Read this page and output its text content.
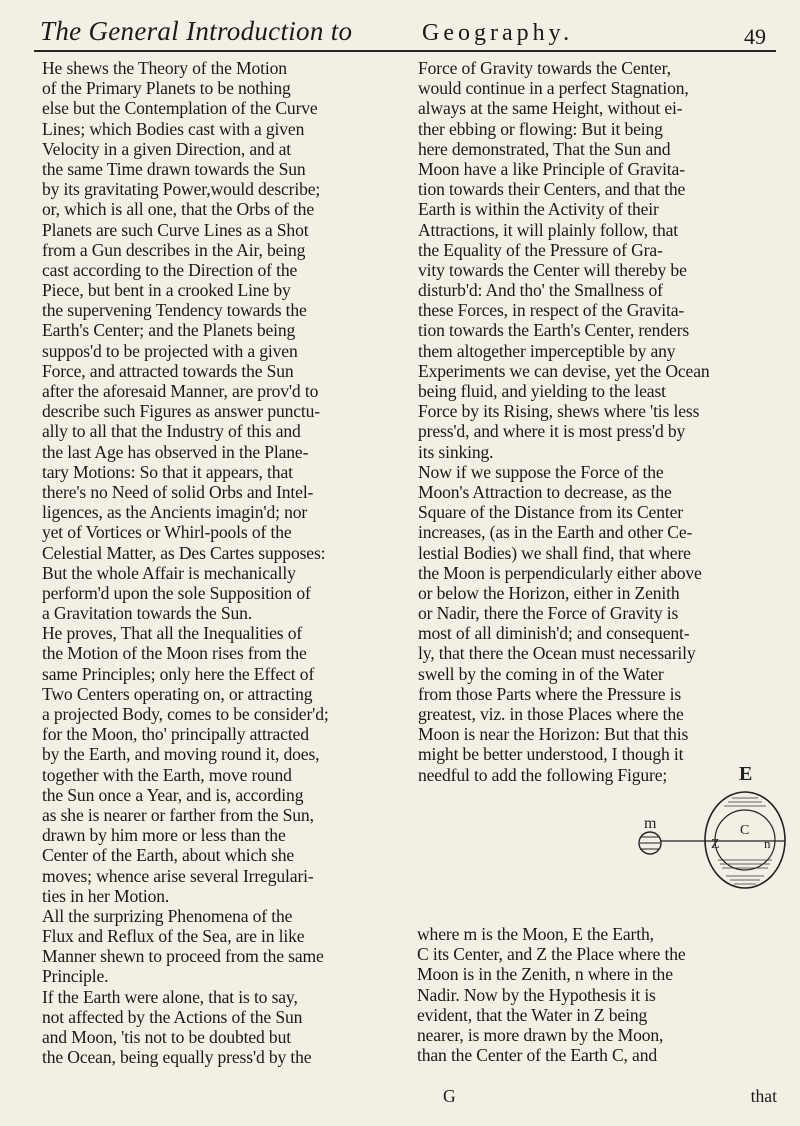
The General Introduction to	Geography.	49
He shews the Theory of the Motion
of the Primary Planets to be nothing
else but the Contemplation of the Curve
Lines; which Bodies cast with a given
Velocity in a given Direction, and at
the same Time drawn towards the Sun
by its gravitating Power,would describe;
or, which is all one, that the Orbs of the
Planets are such Curve Lines as a Shot
from a Gun describes in the Air, being
cast according to the Direction of the
Piece, but bent in a crooked Line by
the supervening Tendency towards the
Earth's Center; and the Planets being
suppos'd to be projected with a given
Force, and attracted towards the Sun
after the aforesaid Manner, are prov'd to
describe such Figures as answer punctu-
ally to all that the Industry of this and
the last Age has observed in the Plane-
tary Motions: So that it appears, that
there's no Need of solid Orbs and Intel-
ligences, as the Ancients imagin'd; nor
yet of Vortices or Whirl-pools of the
Celestial Matter, as Des Cartes supposes:
But the whole Affair is mechanically
perform'd upon the sole Supposition of
a Gravitation towards the Sun.
He proves, That all the Inequalities of
the Motion of the Moon rises from the
same Principles; only here the Effect of
Two Centers operating on, or attracting
a projected Body, comes to be consider'd;
for the Moon, tho' principally attracted
by the Earth, and moving round it, does,
together with the Earth, move round
the Sun once a Year, and is, according
as she is nearer or farther from the Sun,
drawn by him more or less than the
Center of the Earth, about which she
moves; whence arise several Irregulari-
ties in her Motion.
All the surprizing Phenomena of the
Flux and Reflux of the Sea, are in like
Manner shewn to proceed from the same
Principle.
If the Earth were alone, that is to say,
not affected by the Actions of the Sun
and Moon, 'tis not to be doubted but
the Ocean, being equally press'd by the
Force of Gravity towards the Center,
would continue in a perfect Stagnation,
always at the same Height, without ei-
ther ebbing or flowing: But it being
here demonstrated, That the Sun and
Moon have a like Principle of Gravita-
tion towards their Centers, and that the
Earth is within the Activity of their
Attractions, it will plainly follow, that
the Equality of the Pressure of Gra-
vity towards the Center will thereby be
disturb'd: And tho' the Smallness of
these Forces, in respect of the Gravita-
tion towards the Earth's Center, renders
them altogether imperceptible by any
Experiments we can devise, yet the Ocean
being fluid, and yielding to the least
Force by its Rising, shews where 'tis less
press'd, and where it is most press'd by
its sinking.
Now if we suppose the Force of the
Moon's Attraction to decrease, as the
Square of the Distance from its Center
increases, (as in the Earth and other Ce-
lestial Bodies) we shall find, that where
the Moon is perpendicularly either above
or below the Horizon, either in Zenith
or Nadir, there the Force of Gravity is
most of all diminish'd; and consequent-
ly, that there the Ocean must necessarily
swell by the coming in of the Water
from those Parts where the Pressure is
greatest, viz. in those Places where the
Moon is near the Horizon: But that this
might be better understood, I though it
needful to add the following Figure;
m
E
Z
C
n
where m is the Moon, E the Earth,
C its Center, and Z the Place where the
Moon is in the Zenith, n where in the
Nadir. Now by the Hypothesis it is
evident, that the Water in Z being
nearer, is more drawn by the Moon,
than the Center of the Earth C, and
G	that
